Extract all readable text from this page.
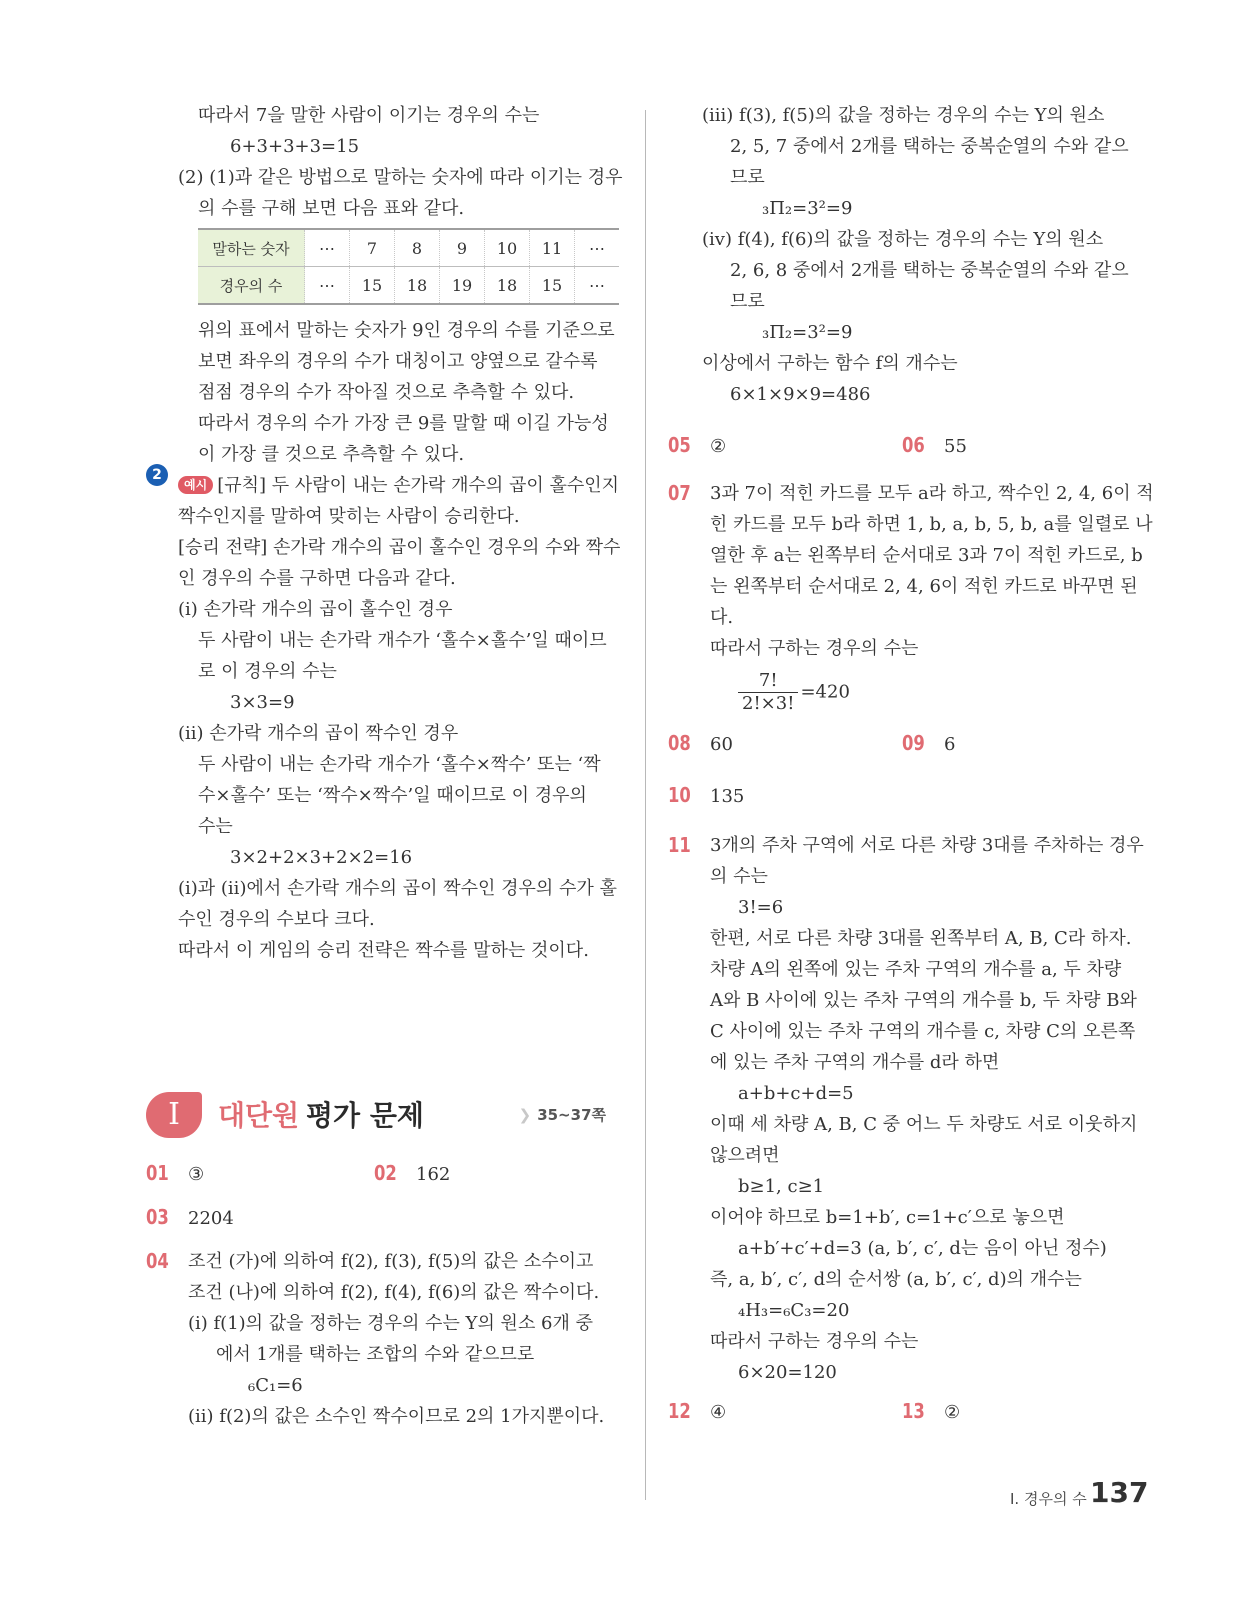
따라서 7을 말한 사람이 이기는 경우의 수는
6+3+3+3=15
(2) (1)과 같은 방법으로 말하는 숫자에 따라 이기는 경우
의 수를 구해 보면 다음 표와 같다.
말하는 숫자	⋯	7	8	9	10	11	⋯
경우의 수	⋯	15	18	19	18	15	⋯
위의 표에서 말하는 숫자가 9인 경우의 수를 기준으로
보면 좌우의 경우의 수가 대칭이고 양옆으로 갈수록
점점 경우의 수가 작아질 것으로 추측할 수 있다.
따라서 경우의 수가 가장 큰 9를 말할 때 이길 가능성
이 가장 클 것으로 추측할 수 있다.
예시 [규칙] 두 사람이 내는 손가락 개수의 곱이 홀수인지
짝수인지를 말하여 맞히는 사람이 승리한다.
[승리 전략] 손가락 개수의 곱이 홀수인 경우의 수와 짝수
인 경우의 수를 구하면 다음과 같다.
(ⅰ) 손가락 개수의 곱이 홀수인 경우
두 사람이 내는 손가락 개수가 ‘홀수×홀수’일 때이므
로 이 경우의 수는
3×3=9
(ⅱ) 손가락 개수의 곱이 짝수인 경우
두 사람이 내는 손가락 개수가 ‘홀수×짝수’ 또는 ‘짝
수×홀수’ 또는 ‘짝수×짝수’일 때이므로 이 경우의
수는
3×2+2×3+2×2=16
(ⅰ)과 (ⅱ)에서 손가락 개수의 곱이 짝수인 경우의 수가 홀
수인 경우의 수보다 크다.
따라서 이 게임의 승리 전략은 짝수를 말하는 것이다.
2
I	대단원 평가 문제	❯ 35~37쪽
01 ③	02 162
03 2204
04	조건 (가)에 의하여 f(2), f(3), f(5)의 값은 소수이고
조건 (나)에 의하여 f(2), f(4), f(6)의 값은 짝수이다.
(ⅰ) f(1)의 값을 정하는 경우의 수는 Y의 원소 6개 중
에서 1개를 택하는 조합의 수와 같으므로
₆C₁=6
(ⅱ) f(2)의 값은 소수인 짝수이므로 2의 1가지뿐이다.
(ⅲ) f(3), f(5)의 값을 정하는 경우의 수는 Y의 원소
2, 5, 7 중에서 2개를 택하는 중복순열의 수와 같으
므로
₃Π₂=3²=9
(ⅳ) f(4), f(6)의 값을 정하는 경우의 수는 Y의 원소
2, 6, 8 중에서 2개를 택하는 중복순열의 수와 같으
므로
₃Π₂=3²=9
이상에서 구하는 함수 f의 개수는
6×1×9×9=486
05 ②	06 55
07	3과 7이 적힌 카드를 모두 a라 하고, 짝수인 2, 4, 6이 적
힌 카드를 모두 b라 하면 1, b, a, b, 5, b, a를 일렬로 나
열한 후 a는 왼쪽부터 순서대로 3과 7이 적힌 카드로, b
는 왼쪽부터 순서대로 2, 4, 6이 적힌 카드로 바꾸면 된
다.
따라서 구하는 경우의 수는
$\frac{7!}{2!\times 3!} =420$
08 60	09 6
10 135
11	3개의 주차 구역에 서로 다른 차량 3대를 주차하는 경우
의 수는
3!=6
한편, 서로 다른 차량 3대를 왼쪽부터 A, B, C라 하자.
차량 A의 왼쪽에 있는 주차 구역의 개수를 a, 두 차량
A와 B 사이에 있는 주차 구역의 개수를 b, 두 차량 B와
C 사이에 있는 주차 구역의 개수를 c, 차량 C의 오른쪽
에 있는 주차 구역의 개수를 d라 하면
a+b+c+d=5
이때 세 차량 A, B, C 중 어느 두 차량도 서로 이웃하지
않으려면
b≥1, c≥1
이어야 하므로 b=1+b′, c=1+c′으로 놓으면
a+b′+c′+d=3 (a, b′, c′, d는 음이 아닌 정수)
즉, a, b′, c′, d의 순서쌍 (a, b′, c′, d)의 개수는
₄H₃=₆C₃=20
따라서 구하는 경우의 수는
6×20=120
12 ④	13 ②
I. 경우의 수 137
